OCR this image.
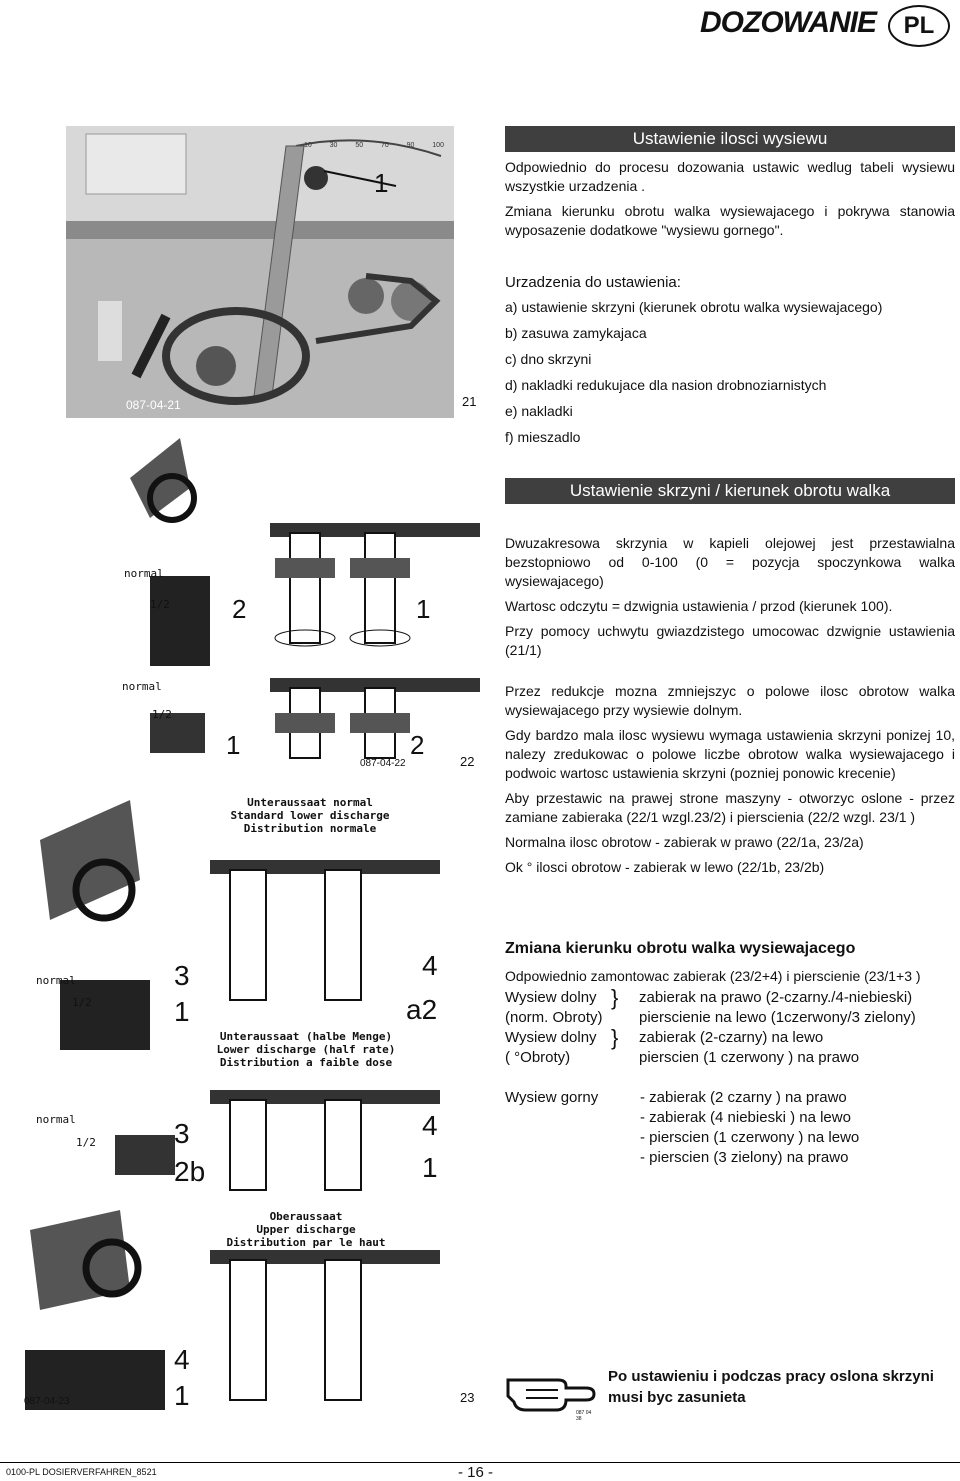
DOZOWANIE	PL
1
10	30	50	70	90	100
087-04-21	21
Ustawienie ilosci wysiewu

Odpowiednio do procesu dozowania ustawic wedlug tabeli wysiewu wszystkie urzadzenia .

Zmiana kierunku obrotu walka wysiewajacego i pokrywa stanowia wyposazenie dodatkowe "wysiewu gornego".

Urzadzenia do ustawienia:
a) ustawienie skrzyni (kierunek obrotu walka wysiewajacego)
b) zasuwa zamykajaca
c) dno skrzyni
d) nakladki redukujace dla nasion drobnoziarnistych
e) nakladki
f) mieszadlo
normal
1/2 2	1
normal
1/2
1	2
087-04-22	22
Unteraussaat normal
Standard lower discharge
Distribution normale
Unteraussaat (halbe Menge)
Lower discharge (half rate)
Distribution a faible dose
Oberaussaat
Upper discharge
Distribution par le haut
normal
1/2
3
1
4
a2
normal
1/2	3
2b
4
1
4
1
087-04-23	23
Ustawienie skrzyni / kierunek obrotu walka

Dwuzakresowa skrzynia w kapieli olejowej jest przestawialna bezstopniowo od 0-100 (0 = pozycja spoczynkowa walka wysiewajacego)

Wartosc odczytu = dzwignia ustawienia / przod (kierunek 100).

Przy pomocy uchwytu gwiazdzistego umocowac dzwignie ustawienia (21/1)

Przez redukcje mozna zmniejszyc o polowe ilosc obrotow walka wysiewajacego przy wysiewie dolnym.

Gdy bardzo mala ilosc wysiewu wymaga ustawienia skrzyni ponizej 10, nalezy zredukowac o polowe liczbe obrotow walka wysiewajacego i podwoic wartosc ustawienia skrzyni (pozniej ponowic krecenie)

Aby przestawic na prawej strone maszyny - otworzyc oslone - przez zamiane zabieraka (22/1 wzgl.23/2) i pierscienia (22/2 wzgl. 23/1 )

Normalna ilosc obrotow - zabierak w prawo (22/1a, 23/2a)

Ok ° ilosci obrotow - zabierak w lewo (22/1b, 23/2b)

Zmiana kierunku obrotu walka wysiewajacego
Odpowiednio zamontowac zabierak (23/2+4) i pierscienie (23/1+3 )
Wysiew dolny }	zabierak na prawo (2-czarny./4-niebieski)
(norm. Obroty)	pierscienie na lewo (1czerwony/3 zielony)
Wysiew dolny }	zabierak (2-czarny) na lewo
( °Obroty)	pierscien (1 czerwony ) na prawo
Wysiew gorny	- zabierak (2 czarny ) na prawo
- zabierak (4 niebieski ) na lewo
- pierscien (1 czerwony ) na lewo
- pierscien (3 zielony) na prawo
087 04 38
Po ustawieniu i podczas pracy oslona skrzyni musi byc zasunieta
0100-PL DOSIERVERFAHREN_8521	- 16 -
